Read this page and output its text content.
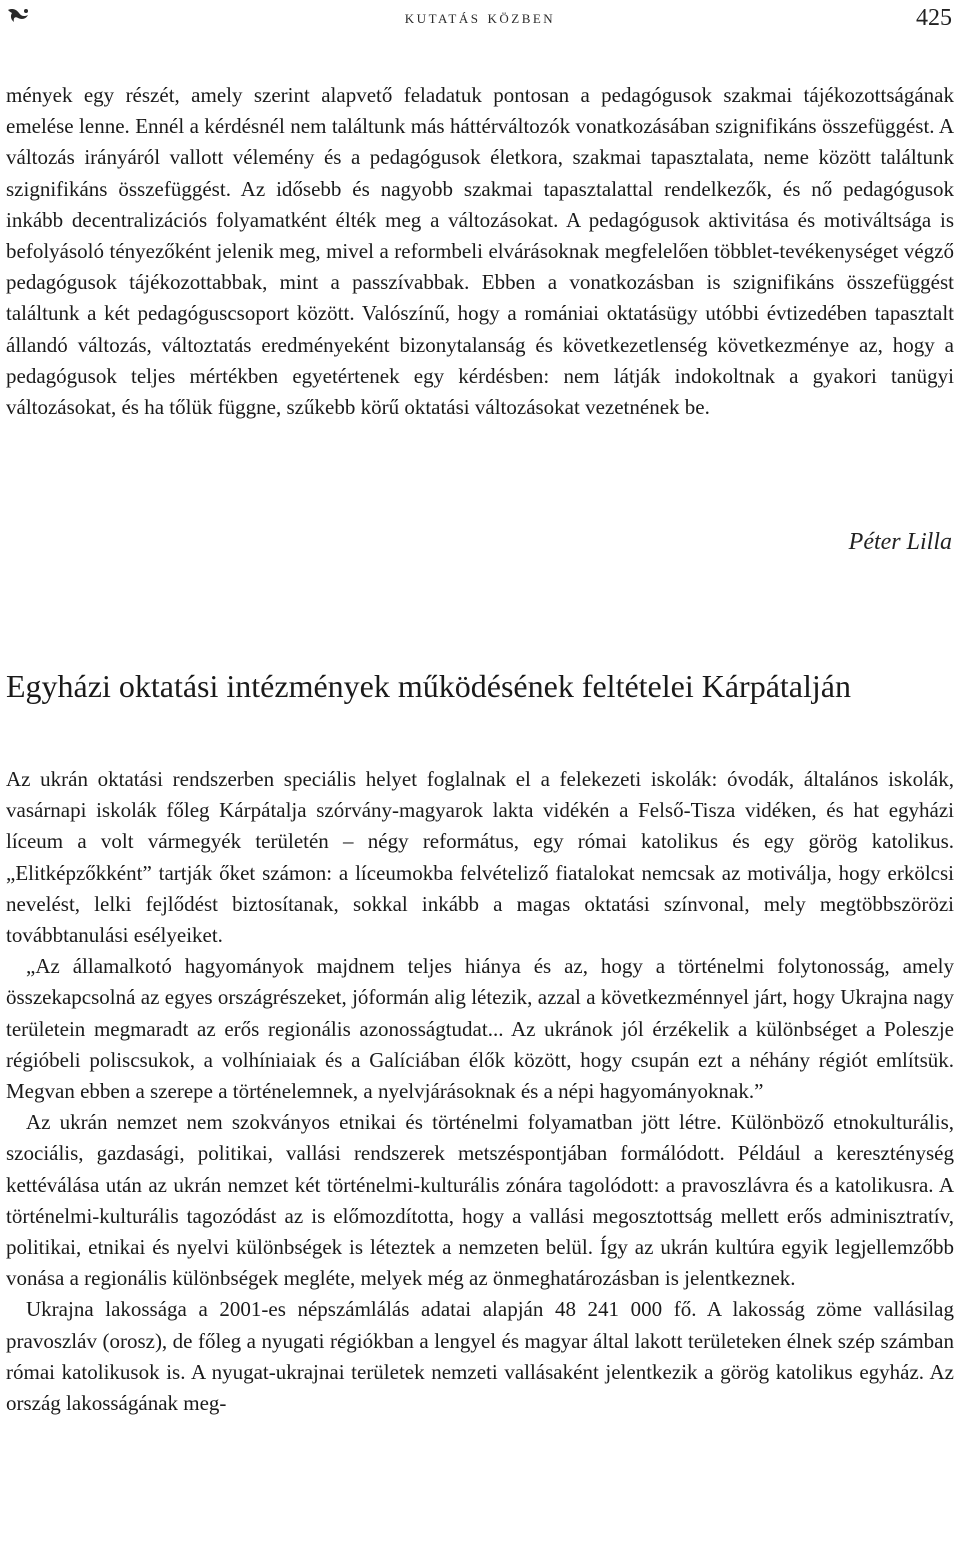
kutatás közben	425

mények egy részét, amely szerint alapvető feladatuk pontosan a pedagógusok szakmai tájékozottságának emelése lenne. Ennél a kérdésnél nem találtunk más háttérváltozók vonatkozásában szignifikáns összefüggést. A változás irányáról vallott vélemény és a pedagógusok életkora, szakmai tapasztalata, neme között találtunk szignifikáns összefüggést. Az idősebb és nagyobb szakmai tapasztalattal rendelkezők, és nő pedagógusok inkább decentralizációs folyamatként élték meg a változásokat. A pedagógusok aktivitása és motiváltsága is befolyásoló tényezőként jelenik meg, mivel a reformbeli elvárásoknak megfelelően többlet-tevékenységet végző pedagógusok tájékozottabbak, mint a passzívabbak. Ebben a vonatkozásban is szignifikáns összefüggést találtunk a két pedagóguscsoport között. Valószínű, hogy a romániai oktatásügy utóbbi évtizedében tapasztalt állandó változás, változtatás eredményeként bizonytalanság és következetlenség következménye az, hogy a pedagógusok teljes mértékben egyetértenek egy kérdésben: nem látják indokoltnak a gyakori tanügyi változásokat, és ha tőlük függne, szűkebb körű oktatási változásokat vezetnének be.

Péter Lilla
Egyházi oktatási intézmények működésének feltételei Kárpátalján

Az ukrán oktatási rendszerben speciális helyet foglalnak el a felekezeti iskolák: óvodák, általános iskolák, vasárnapi iskolák főleg Kárpátalja szórvány-magyarok lakta vidékén a Felső-Tisza vidéken, és hat egyházi líceum a volt vármegyék területén – négy református, egy római katolikus és egy görög katolikus. „Elitképzőkként” tartják őket számon: a líceumokba felvételiző fiatalokat nemcsak az motiválja, hogy erkölcsi nevelést, lelki fejlődést biztosítanak, sokkal inkább a magas oktatási színvonal, mely megtöbbszörözi továbbtanulási esélyeiket.

„Az államalkotó hagyományok majdnem teljes hiánya és az, hogy a történelmi folytonosság, amely összekapcsolná az egyes országrészeket, jóformán alig létezik, azzal a következménnyel járt, hogy Ukrajna nagy területein megmaradt az erős regionális azonosságtudat... Az ukránok jól érzékelik a különbséget a Poleszje régióbeli poliscsukok, a volhíniaiak és a Galíciában élők között, hogy csupán ezt a néhány régiót említsük. Megvan ebben a szerepe a történelemnek, a nyelvjárásoknak és a népi hagyományoknak.”

Az ukrán nemzet nem szokványos etnikai és történelmi folyamatban jött létre. Különböző etnokulturális, szociális, gazdasági, politikai, vallási rendszerek metszéspontjában formálódott. Például a kereszténység kettéválása után az ukrán nemzet két történelmi-kulturális zónára tagolódott: a pravoszlávra és a katolikusra. A történelmi-kulturális tagozódást az is előmozdította, hogy a vallási megosztottság mellett erős adminisztratív, politikai, etnikai és nyelvi különbségek is léteztek a nemzeten belül. Így az ukrán kultúra egyik legjellemzőbb vonása a regionális különbségek megléte, melyek még az önmeghatározásban is jelentkeznek.

Ukrajna lakossága a 2001-es népszámlálás adatai alapján 48 241 000 fő. A lakosság zöme vallásilag pravoszláv (orosz), de főleg a nyugati régiókban a lengyel és magyar által lakott területeken élnek szép számban római katolikusok is. A nyugat-ukrajnai területek nemzeti vallásaként jelentkezik a görög katolikus egyház. Az ország lakosságának meg-
